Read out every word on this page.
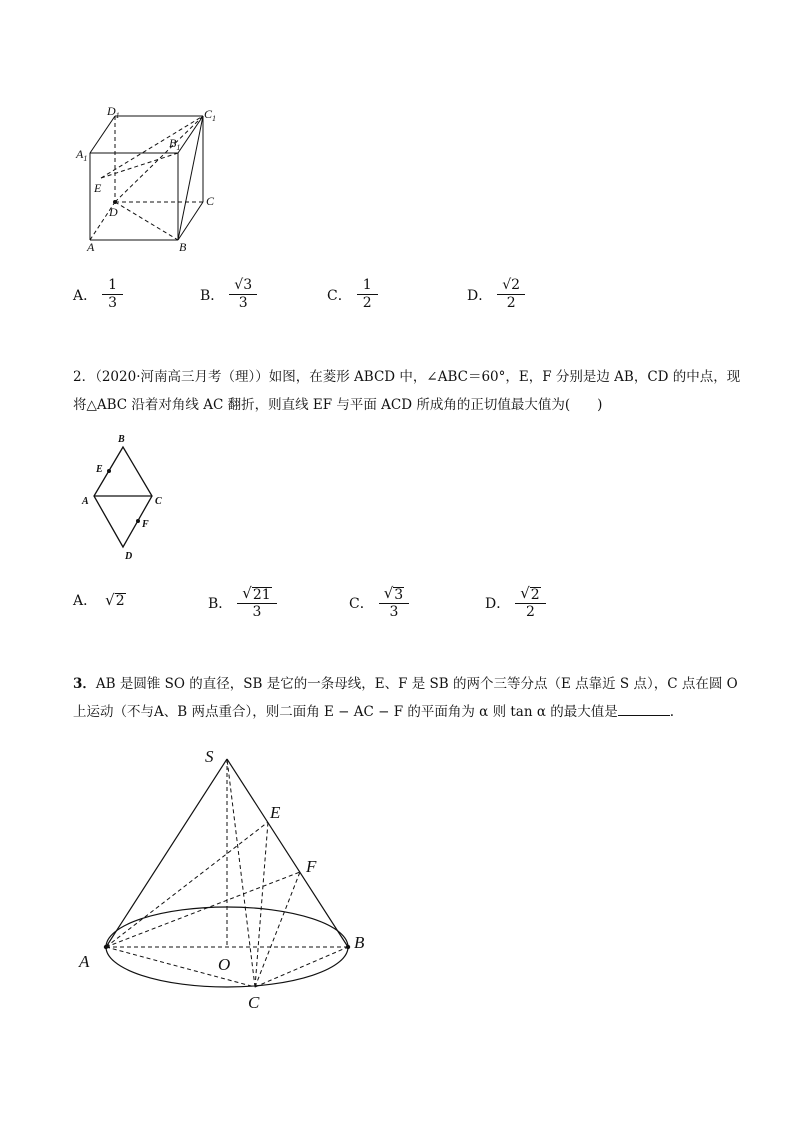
$D_1$	$C_1$
$A_1$
$B_1$
E
D
C
A	B
A． $\frac{1}{3}$	B． $\frac{√3}{3}$	C． $\frac{1}{2}$	D． $\frac{√2}{2}$
2．（2020·河南高三月考（理））如图，在菱形 ABCD 中，∠ABC＝60°，E，F 分别是边 AB，CD 的中点，现
将△ABC 沿着对角线 AC 翻折，则直线 EF 与平面 ACD 所成角的正切值最大值为(　　)
B
E
A	C
F
D
A． √ 2	B． $\frac{√ 21}{3}$	C． $\frac{√ 3}{3}$	D． $\frac{√ 2}{2}$
3．AB 是圆锥 SO 的直径，SB 是它的一条母线，E、F 是 SB 的两个三等分点（E 点靠近 S 点），C 点在圆 O
上运动（不与A、B 两点重合），则二面角 E − AC − F 的平面角为 α 则 tan α 的最大值是	.
S
E
F
A	O
B
C
